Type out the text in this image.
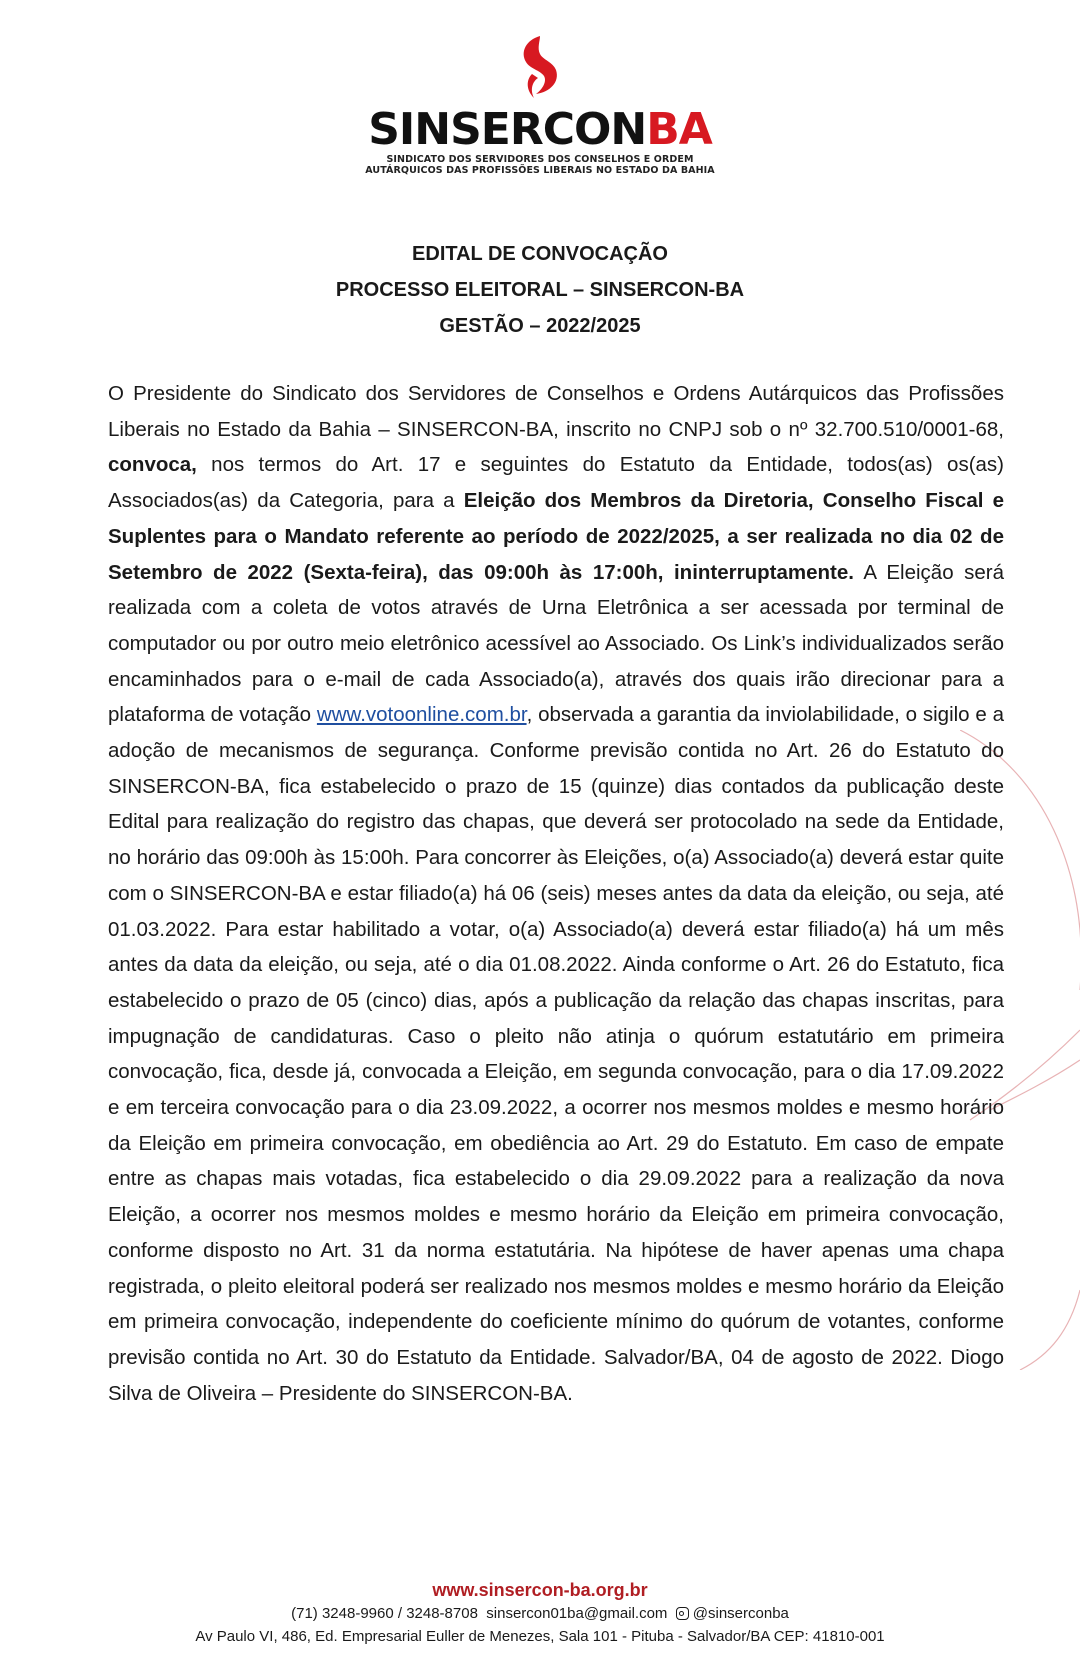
SINSERCONBA
SINDICATO DOS SERVIDORES DOS CONSELHOS E ORDEM
AUTÁRQUICOS DAS PROFISSÕES LIBERAIS NO ESTADO DA BAHIA
EDITAL DE CONVOCAÇÃO
PROCESSO ELEITORAL – SINSERCON-BA
GESTÃO – 2022/2025
O Presidente do Sindicato dos Servidores de Conselhos e Ordens Autárquicos das Profissões Liberais no Estado da Bahia – SINSERCON-BA, inscrito no CNPJ sob o nº 32.700.510/0001-68, convoca, nos termos do Art. 17 e seguintes do Estatuto da Entidade, todos(as) os(as) Associados(as) da Categoria, para a Eleição dos Membros da Diretoria, Conselho Fiscal e Suplentes para o Mandato referente ao período de 2022/2025, a ser realizada no dia 02 de Setembro de 2022 (Sexta-feira), das 09:00h às 17:00h, ininterruptamente. A Eleição será realizada com a coleta de votos através de Urna Eletrônica a ser acessada por terminal de computador ou por outro meio eletrônico acessível ao Associado. Os Link’s individualizados serão encaminhados para o e-mail de cada Associado(a), através dos quais irão direcionar para a plataforma de votação www.votoonline.com.br, observada a garantia da inviolabilidade, o sigilo e a adoção de mecanismos de segurança. Conforme previsão contida no Art. 26 do Estatuto do SINSERCON-BA, fica estabelecido o prazo de 15 (quinze) dias contados da publicação deste Edital para realização do registro das chapas, que deverá ser protocolado na sede da Entidade, no horário das 09:00h às 15:00h. Para concorrer às Eleições, o(a) Associado(a) deverá estar quite com o SINSERCON-BA e estar filiado(a) há 06 (seis) meses antes da data da eleição, ou seja, até 01.03.2022. Para estar habilitado a votar, o(a) Associado(a) deverá estar filiado(a) há um mês antes da data da eleição, ou seja, até o dia 01.08.2022. Ainda conforme o Art. 26 do Estatuto, fica estabelecido o prazo de 05 (cinco) dias, após a publicação da relação das chapas inscritas, para impugnação de candidaturas. Caso o pleito não atinja o quórum estatutário em primeira convocação, fica, desde já, convocada a Eleição, em segunda convocação, para o dia 17.09.2022 e em terceira convocação para o dia 23.09.2022, a ocorrer nos mesmos moldes e mesmo horário da Eleição em primeira convocação, em obediência ao Art. 29 do Estatuto. Em caso de empate entre as chapas mais votadas, fica estabelecido o dia 29.09.2022 para a realização da nova Eleição, a ocorrer nos mesmos moldes e mesmo horário da Eleição em primeira convocação, conforme disposto no Art. 31 da norma estatutária. Na hipótese de haver apenas uma chapa registrada, o pleito eleitoral poderá ser realizado nos mesmos moldes e mesmo horário da Eleição em primeira convocação, independente do coeficiente mínimo do quórum de votantes, conforme previsão contida no Art. 30 do Estatuto da Entidade. Salvador/BA, 04 de agosto de 2022. Diogo Silva de Oliveira – Presidente do SINSERCON-BA.
www.sinsercon-ba.org.br
(71) 3248-9960 / 3248-8708 sinsercon01ba@gmail.com @sinserconba
Av Paulo VI, 486, Ed. Empresarial Euller de Menezes, Sala 101 - Pituba - Salvador/BA CEP: 41810-001
